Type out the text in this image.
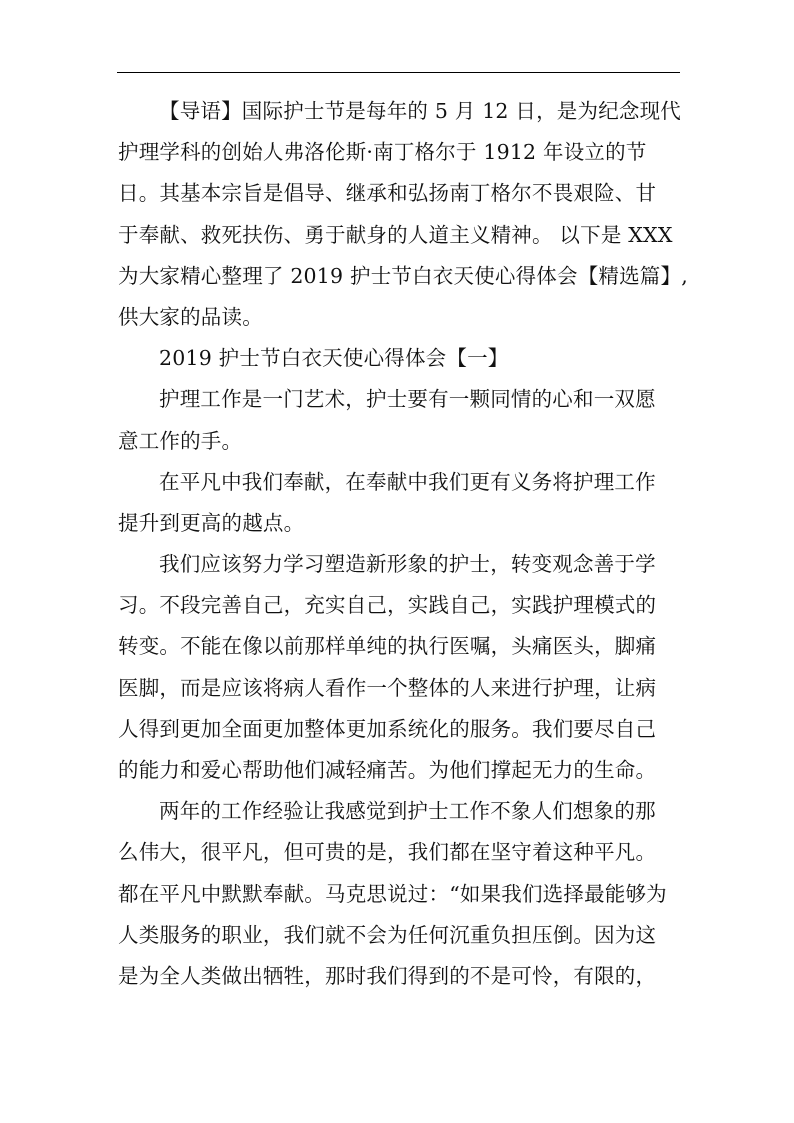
【导语】国际护士节是每年的 5 月 12 日，是为纪念现代
护理学科的创始人弗洛伦斯·南丁格尔于 1912 年设立的节
日。其基本宗旨是倡导、继承和弘扬南丁格尔不畏艰险、甘
于奉献、救死扶伤、勇于献身的人道主义精神。 以下是 XXX
为大家精心整理了 2019 护士节白衣天使心得体会【精选篇】,
供大家的品读。
2019 护士节白衣天使心得体会【一】
护理工作是一门艺术，护士要有一颗同情的心和一双愿
意工作的手。
在平凡中我们奉献，在奉献中我们更有义务将护理工作
提升到更高的越点。
我们应该努力学习塑造新形象的护士，转变观念善于学
习。不段完善自己，充实自己，实践自己，实践护理模式的
转变。不能在像以前那样单纯的执行医嘱，头痛医头，脚痛
医脚，而是应该将病人看作一个整体的人来进行护理，让病
人得到更加全面更加整体更加系统化的服务。我们要尽自己
的能力和爱心帮助他们减轻痛苦。为他们撑起无力的生命。
两年的工作经验让我感觉到护士工作不象人们想象的那
么伟大，很平凡，但可贵的是，我们都在坚守着这种平凡。
都在平凡中默默奉献。马克思说过：“如果我们选择最能够为
人类服务的职业，我们就不会为任何沉重负担压倒。因为这
是为全人类做出牺牲，那时我们得到的不是可怜，有限的，
